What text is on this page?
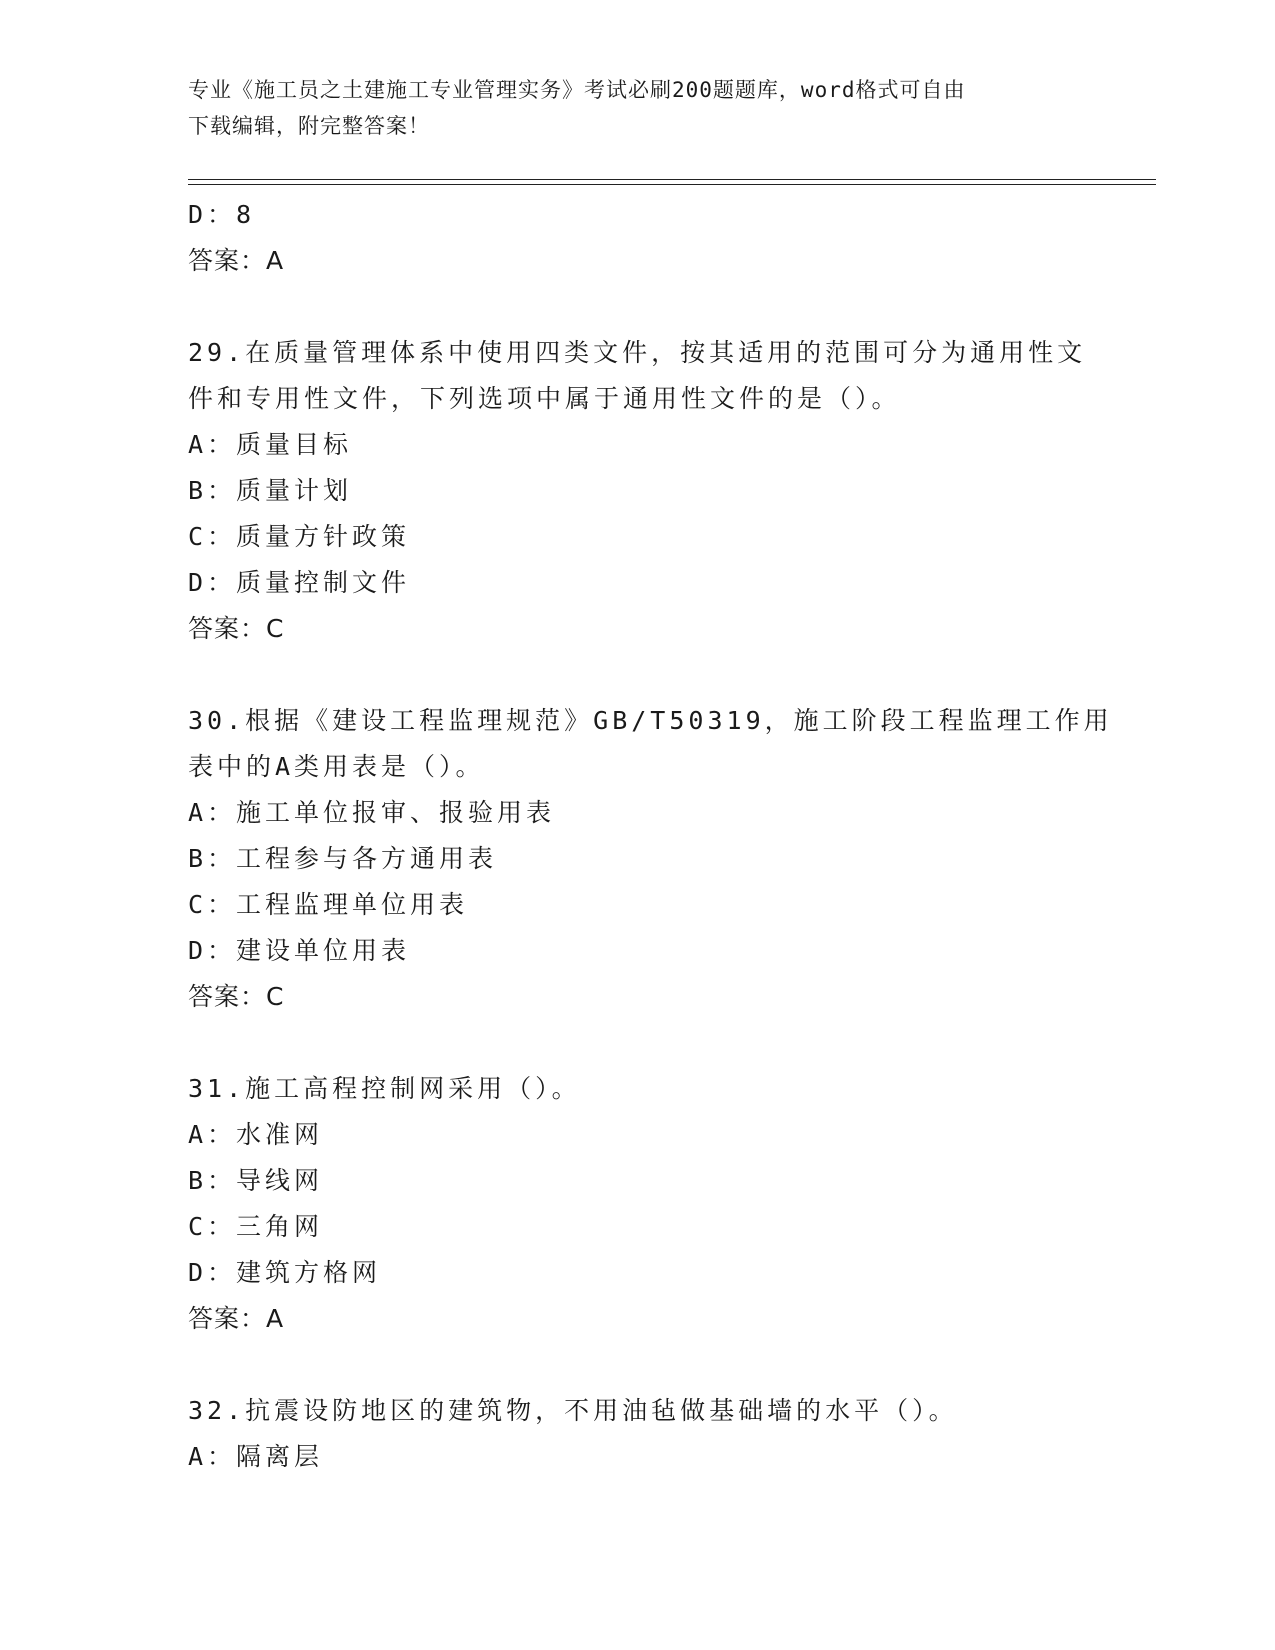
专业《施工员之土建施工专业管理实务》考试必刷200题题库，word格式可自由
下载编辑，附完整答案！
D：8
答案：A
29.在质量管理体系中使用四类文件，按其适用的范围可分为通用性文
件和专用性文件，下列选项中属于通用性文件的是（）。
A：质量目标
B：质量计划
C：质量方针政策
D：质量控制文件
答案：C
30.根据《建设工程监理规范》GB/T50319，施工阶段工程监理工作用
表中的A类用表是（）。
A：施工单位报审、报验用表
B：工程参与各方通用表
C：工程监理单位用表
D：建设单位用表
答案：C
31.施工高程控制网采用（）。
A：水准网
B：导线网
C：三角网
D：建筑方格网
答案：A
32.抗震设防地区的建筑物，不用油毡做基础墙的水平（）。
A：隔离层
